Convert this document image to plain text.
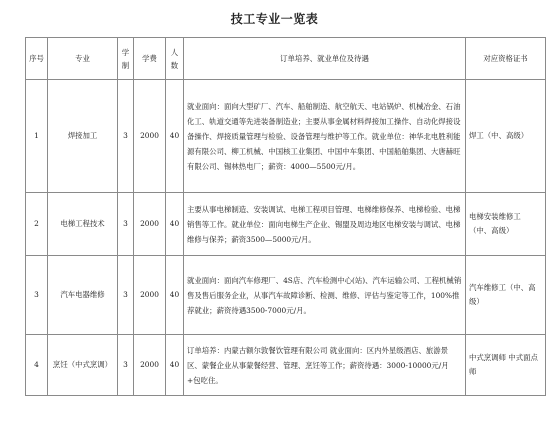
技工专业一览表
序号	专业	学制	学费	人数	订单培养、就业单位及待遇	对应资格证书
1	焊接加工	3	2000	40	就业面向：面向大型矿厂、汽车、船舶制造、航空航天、电站锅炉、机械冶金、石油化工、轨道交通等先进装备制造业；主要从事金属材料焊接加工操作、自动化焊接设备操作、焊接质量管理与检验、设备管理与维护等工作。就业单位：神华北电胜利能源有限公司、柳工机械、中国核工业集团、中国中车集团、中国船舶集团、大唐赫旺有限公司、锡林热电厂；薪资：4000—5500元/月。	焊工（中、高级）
2	电梯工程技术	3	2000	40	主要从事电梯制造、安装调试、电梯工程项目管理、电梯维修保养、电梯检验、电梯销售等工作。就业单位：面向电梯生产企业、锡盟及周边地区电梯安装与调试、电梯维修与保养；薪资3500—5000元/月。	电梯安装维修工（中、高级）
3	汽车电器维修	3	2000	40	就业面向：面向汽车修理厂、4S店、汽车检测中心(站)、汽车运输公司、工程机械销售及售后服务企业，从事汽车故障诊断、检测、维修、评估与鉴定等工作，100%推荐就业；薪资待遇3500-7000元/月。	汽车维修工（中、高级）
4	烹饪（中式烹调）	3	2000	40	订单培养：内蒙古额尔敦餐饮管理有限公司 就业面向：区内外星级酒店、旅游景区、蒙餐企业从事蒙餐经营、管理、烹饪等工作；薪资待遇：3000-10000元/月+包吃住。	中式烹调师 中式面点师
